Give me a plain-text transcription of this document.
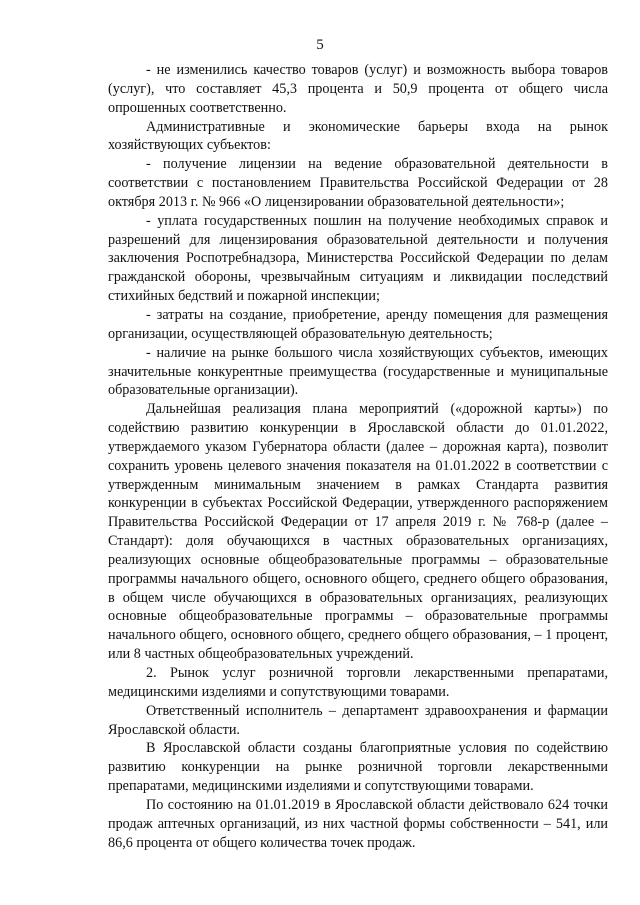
5

- не изменились качество товаров (услуг) и возможность выбора товаров (услуг), что составляет 45,3 процента и 50,9 процента от общего числа опрошенных соответственно.

Административные и экономические барьеры входа на рынок хозяйствующих субъектов:

- получение лицензии на ведение образовательной деятельности в соответствии с постановлением Правительства Российской Федерации от 28 октября 2013 г. № 966 «О лицензировании образовательной деятельности»;

- уплата государственных пошлин на получение необходимых справок и разрешений для лицензирования образовательной деятельности и получения заключения Роспотребнадзора, Министерства Российской Федерации по делам гражданской обороны, чрезвычайным ситуациям и ликвидации последствий стихийных бедствий и пожарной инспекции;

- затраты на создание, приобретение, аренду помещения для размещения организации, осуществляющей образовательную деятельность;

- наличие на рынке большого числа хозяйствующих субъектов, имеющих значительные конкурентные преимущества (государственные и муниципальные образовательные организации).

Дальнейшая реализация плана мероприятий («дорожной карты») по содействию развитию конкуренции в Ярославской области до 01.01.2022, утверждаемого указом Губернатора области (далее – дорожная карта), позволит сохранить уровень целевого значения показателя на 01.01.2022 в соответствии с утвержденным минимальным значением в рамках Стандарта развития конкуренции в субъектах Российской Федерации, утвержденного распоряжением Правительства Российской Федерации от 17 апреля 2019 г. № 768-р (далее – Стандарт): доля обучающихся в частных образовательных организациях, реализующих основные общеобразовательные программы – образовательные программы начального общего, основного общего, среднего общего образования, в общем числе обучающихся в образовательных организациях, реализующих основные общеобразовательные программы – образовательные программы начального общего, основного общего, среднего общего образования, – 1 процент, или 8 частных общеобразовательных учреждений.

2. Рынок услуг розничной торговли лекарственными препаратами, медицинскими изделиями и сопутствующими товарами.

Ответственный исполнитель – департамент здравоохранения и фармации Ярославской области.

В Ярославской области созданы благоприятные условия по содействию развитию конкуренции на рынке розничной торговли лекарственными препаратами, медицинскими изделиями и сопутствующими товарами.

По состоянию на 01.01.2019 в Ярославской области действовало 624 точки продаж аптечных организаций, из них частной формы собственности – 541, или 86,6 процента от общего количества точек продаж.
